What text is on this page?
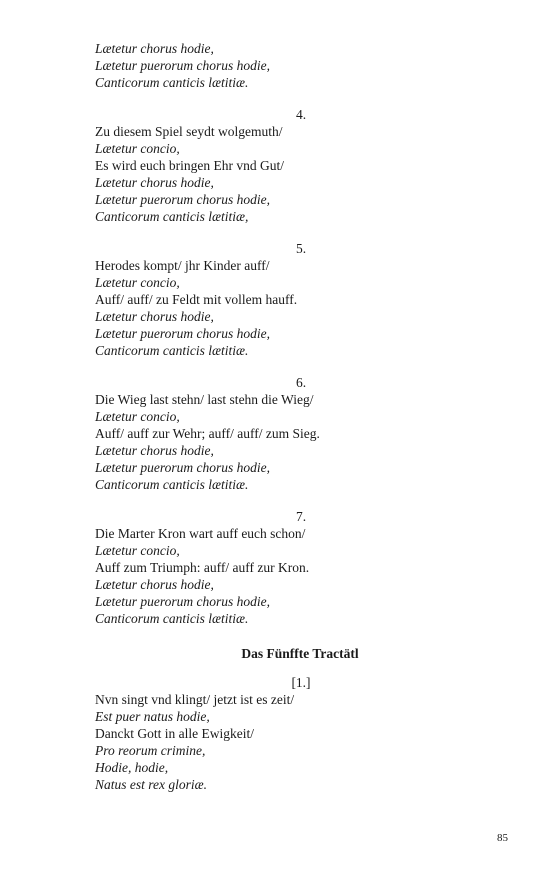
Lætetur chorus hodie,
Lætetur puerorum chorus hodie,
Canticorum canticis lætitiæ.
4.
Zu diesem Spiel seydt wolgemuth/
Lætetur concio,
Es wird euch bringen Ehr vnd Gut/
Lætetur chorus hodie,
Lætetur puerorum chorus hodie,
Canticorum canticis lætitiæ,
5.
Herodes kompt/ jhr Kinder auff/
Lætetur concio,
Auff/ auff/ zu Feldt mit vollem hauff.
Lætetur chorus hodie,
Lætetur puerorum chorus hodie,
Canticorum canticis lætitiæ.
6.
Die Wieg last stehn/ last stehn die Wieg/
Lætetur concio,
Auff/ auff zur Wehr; auff/ auff/ zum Sieg.
Lætetur chorus hodie,
Lætetur puerorum chorus hodie,
Canticorum canticis lætitiæ.
7.
Die Marter Kron wart auff euch schon/
Lætetur concio,
Auff zum Triumph: auff/ auff zur Kron.
Lætetur chorus hodie,
Lætetur puerorum chorus hodie,
Canticorum canticis lætitiæ.
Das Fünffte Tractätl
[1.]
Nvn singt vnd klingt/ jetzt ist es zeit/
Est puer natus hodie,
Danckt Gott in alle Ewigkeit/
Pro reorum crimine,
Hodie, hodie,
Natus est rex gloriæ.
85
